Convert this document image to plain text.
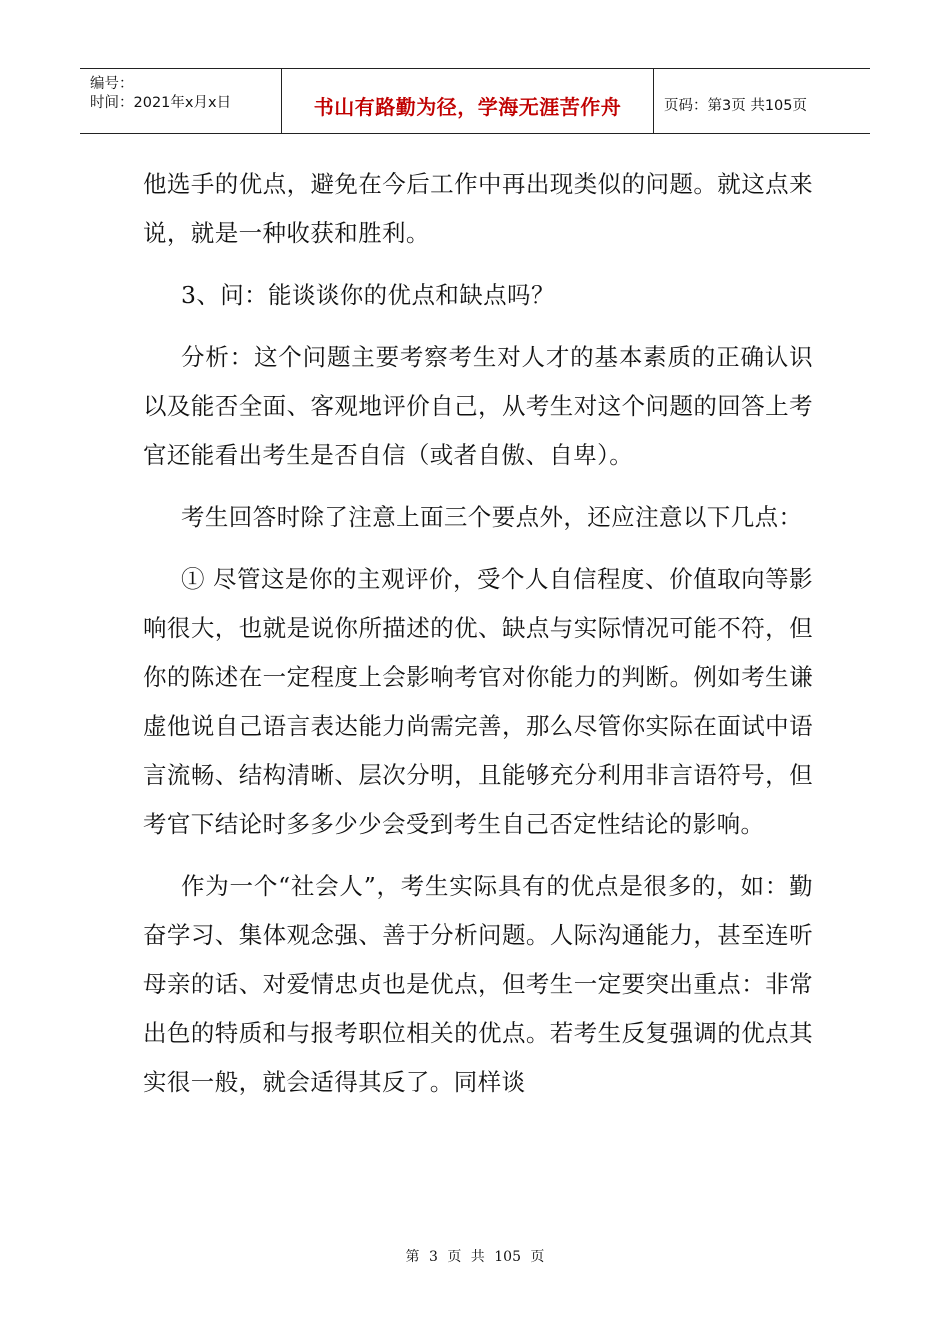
编号：
时间：2021年x月x日	书山有路勤为径，学海无涯苦作舟	页码：第3页 共105页

他选手的优点，避免在今后工作中再出现类似的问题。就这点来说，就是一种收获和胜利。

3、问：能谈谈你的优点和缺点吗？

分析：这个问题主要考察考生对人才的基本素质的正确认识以及能否全面、客观地评价自己，从考生对这个问题的回答上考官还能看出考生是否自信（或者自傲、自卑）。

考生回答时除了注意上面三个要点外，还应注意以下几点：

① 尽管这是你的主观评价，受个人自信程度、价值取向等影响很大，也就是说你所描述的优、缺点与实际情况可能不符，但你的陈述在一定程度上会影响考官对你能力的判断。例如考生谦虚他说自己语言表达能力尚需完善，那么尽管你实际在面试中语言流畅、结构清晰、层次分明，且能够充分利用非言语符号，但考官下结论时多多少少会受到考生自己否定性结论的影响。

作为一个“社会人”，考生实际具有的优点是很多的，如：勤奋学习、集体观念强、善于分析问题。人际沟通能力，甚至连听母亲的话、对爱情忠贞也是优点，但考生一定要突出重点：非常出色的特质和与报考职位相关的优点。若考生反复强调的优点其实很一般，就会适得其反了。同样谈

第 3 页 共 105 页
